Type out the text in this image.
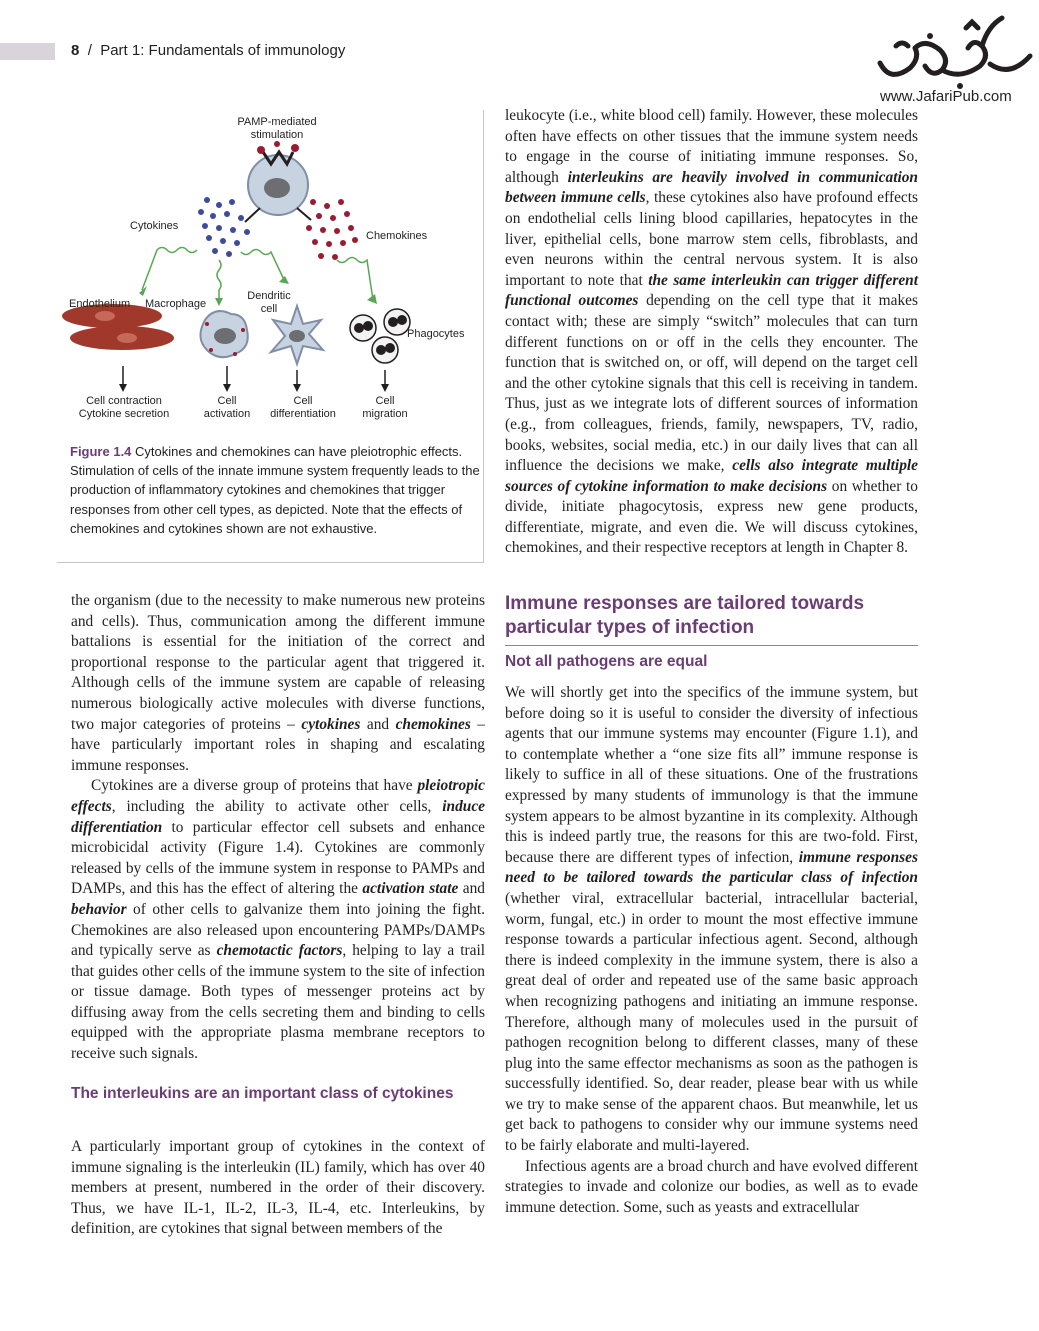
8 / Part 1: Fundamentals of immunology
www.JafariPub.com
PAMP-mediated
stimulation
Cytokines
Chemokines
Endothelium Macrophage
Dendritic
cell
Phagocytes
Cell contraction
Cytokine secretion
Cell
activation
Cell
differentiation
Cell
migration
Figure 1.4 Cytokines and chemokines can have pleiotrophic effects. Stimulation of cells of the innate immune system frequently leads to the production of inflammatory cytokines and chemokines that trigger responses from other cell types, as depicted. Note that the effects of chemokines and cytokines shown are not exhaustive.

the organism (due to the necessity to make numerous new proteins and cells). Thus, communication among the different immune battalions is essential for the initiation of the correct and proportional response to the particular agent that triggered it. Although cells of the immune system are capable of releasing numerous biologically active molecules with diverse functions, two major categories of proteins – cytokines and chemokines – have particularly important roles in shaping and escalating immune responses.

Cytokines are a diverse group of proteins that have pleiotropic effects, including the ability to activate other cells, induce differentiation to particular effector cell subsets and enhance microbicidal activity (Figure 1.4). Cytokines are commonly released by cells of the immune system in response to PAMPs and DAMPs, and this has the effect of altering the activation state and behavior of other cells to galvanize them into joining the fight. Chemokines are also released upon encountering PAMPs/DAMPs and typically serve as chemotactic factors, helping to lay a trail that guides other cells of the immune system to the site of infection or tissue damage. Both types of messenger proteins act by diffusing away from the cells secreting them and binding to cells equipped with the appropriate plasma membrane receptors to receive such signals.

The interleukins are an important class of cytokines

A particularly important group of cytokines in the context of immune signaling is the interleukin (IL) family, which has over 40 members at present, numbered in the order of their discovery. Thus, we have IL-1, IL-2, IL-3, IL-4, etc. Interleukins, by definition, are cytokines that signal between members of the

leukocyte (i.e., white blood cell) family. However, these molecules often have effects on other tissues that the immune system needs to engage in the course of initiating immune responses. So, although interleukins are heavily involved in communication between immune cells, these cytokines also have profound effects on endothelial cells lining blood capillaries, hepatocytes in the liver, epithelial cells, bone marrow stem cells, fibroblasts, and even neurons within the central nervous system. It is also important to note that the same interleukin can trigger different functional outcomes depending on the cell type that it makes contact with; these are simply “switch” molecules that can turn different functions on or off in the cells they encounter. The function that is switched on, or off, will depend on the target cell and the other cytokine signals that this cell is receiving in tandem. Thus, just as we integrate lots of different sources of information (e.g., from colleagues, friends, family, newspapers, TV, radio, books, websites, social media, etc.) in our daily lives that can all influence the decisions we make, cells also integrate multiple sources of cytokine information to make decisions on whether to divide, initiate phagocytosis, express new gene products, differentiate, migrate, and even die. We will discuss cytokines, chemokines, and their respective receptors at length in Chapter 8.

Immune responses are tailored towards particular types of infection
Not all pathogens are equal

We will shortly get into the specifics of the immune system, but before doing so it is useful to consider the diversity of infectious agents that our immune systems may encounter (Figure 1.1), and to contemplate whether a “one size fits all” immune response is likely to suffice in all of these situations. One of the frustrations expressed by many students of immunology is that the immune system appears to be almost byzantine in its complexity. Although this is indeed partly true, the reasons for this are two-fold. First, because there are different types of infection, immune responses need to be tailored towards the particular class of infection (whether viral, extracellular bacterial, intracellular bacterial, worm, fungal, etc.) in order to mount the most effective immune response towards a particular infectious agent. Second, although there is indeed complexity in the immune system, there is also a great deal of order and repeated use of the same basic approach when recognizing pathogens and initiating an immune response. Therefore, although many of molecules used in the pursuit of pathogen recognition belong to different classes, many of these plug into the same effector mechanisms as soon as the pathogen is successfully identified. So, dear reader, please bear with us while we try to make sense of the apparent chaos. But meanwhile, let us get back to pathogens to consider why our immune systems need to be fairly elaborate and multi-layered.

Infectious agents are a broad church and have evolved different strategies to invade and colonize our bodies, as well as to evade immune detection. Some, such as yeasts and extracellular
